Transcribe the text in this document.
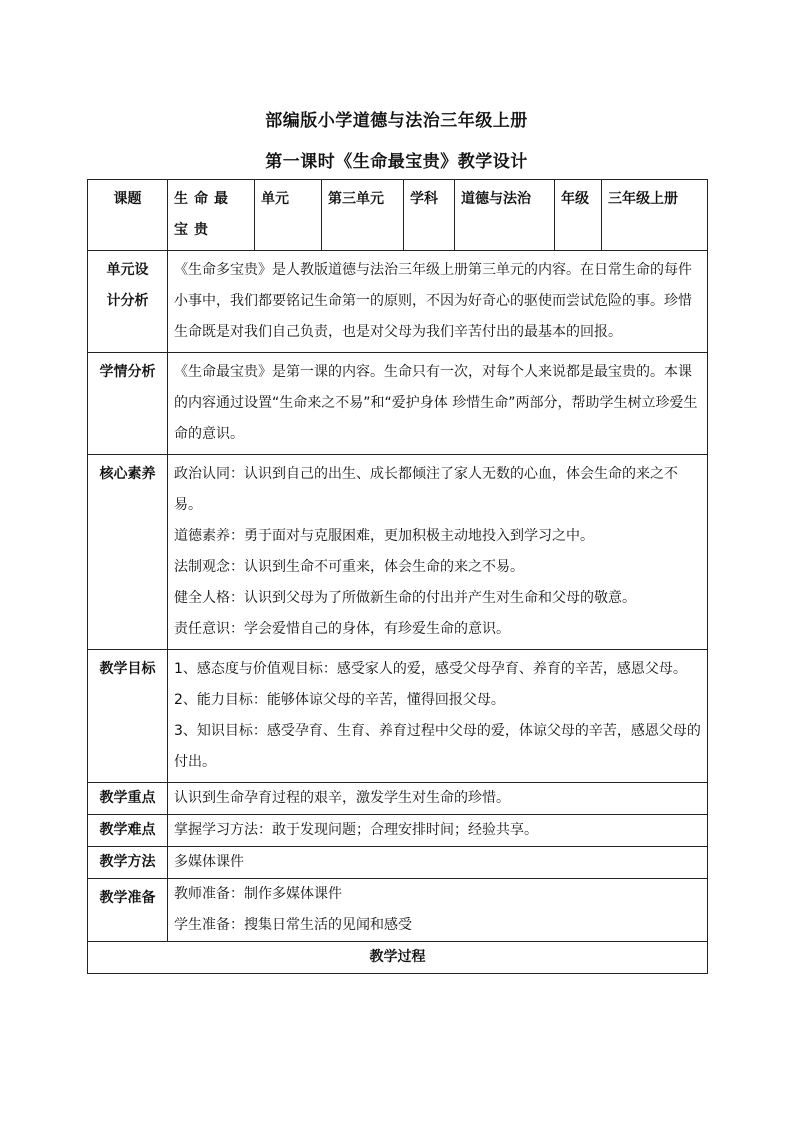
部编版小学道德与法治三年级上册
第一课时《生命最宝贵》教学设计
课题	生命最宝贵	单元	第三单元	学科	道德与法治	年级	三年级上册
单元设计分析	《生命多宝贵》是人教版道德与法治三年级上册第三单元的内容。在日常生命的每件小事中，我们都要铭记生命第一的原则，不因为好奇心的驱使而尝试危险的事。珍惜生命既是对我们自己负责，也是对父母为我们辛苦付出的最基本的回报。						

学情分析	《生命最宝贵》是第一课的内容。生命只有一次，对每个人来说都是最宝贵的。本课的内容通过设置“生命来之不易”和“爱护身体 珍惜生命”两部分，帮助学生树立珍爱生命的意识。						

核心素养	政治认同：认识到自己的出生、成长都倾注了家人无数的心血，体会生命的来之不易。
道德素养：勇于面对与克服困难，更加积极主动地投入到学习之中。
法制观念：认识到生命不可重来，体会生命的来之不易。
健全人格：认识到父母为了所做新生命的付出并产生对生命和父母的敬意。
责任意识：学会爱惜自己的身体，有珍爱生命的意识。						

教学目标	1、感态度与价值观目标：感受家人的爱，感受父母孕育、养育的辛苦，感恩父母。
2、能力目标：能够体谅父母的辛苦，懂得回报父母。
3、知识目标：感受孕育、生育、养育过程中父母的爱，体谅父母的辛苦，感恩父母的付出。						

教学重点	认识到生命孕育过程的艰辛，激发学生对生命的珍惜。						

教学难点	掌握学习方法：敢于发现问题；合理安排时间；经验共享。						

教学方法	多媒体课件						

教学准备	教师准备：制作多媒体课件
学生准备：搜集日常生活的见闻和感受						

教学过程							
